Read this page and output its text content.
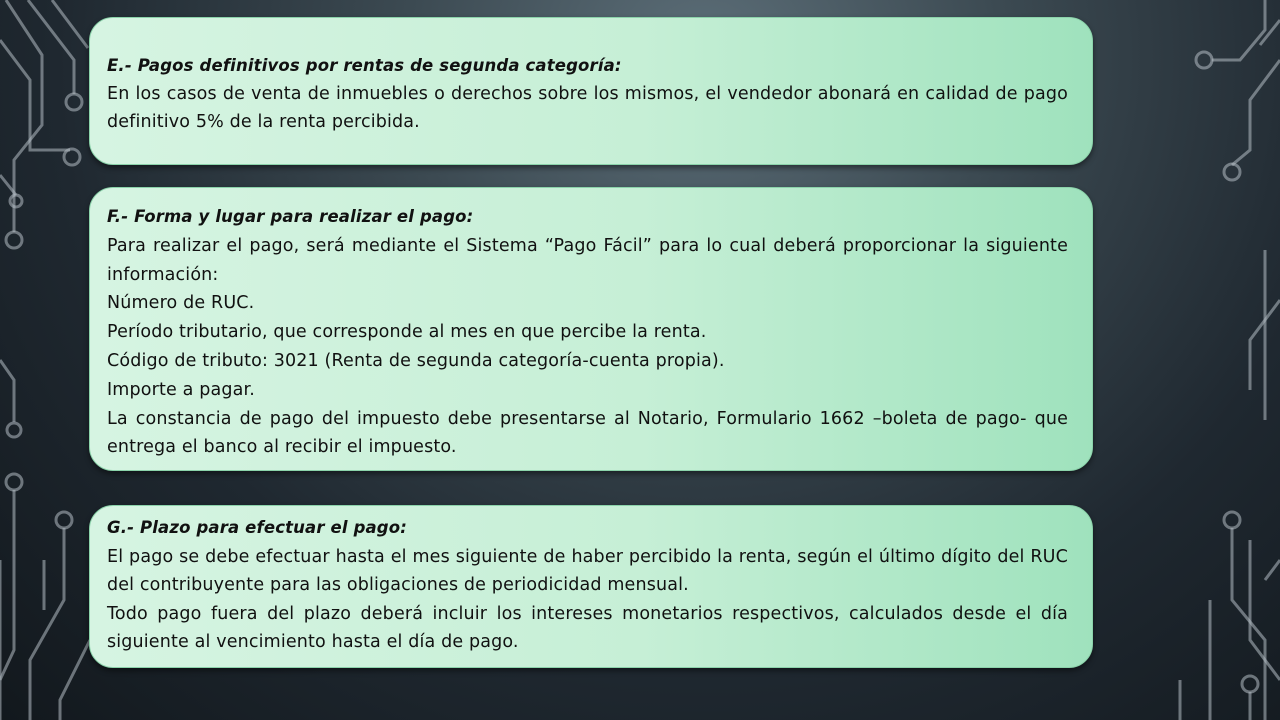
E.- Pagos definitivos por rentas de segunda categoría:

En los casos de venta de inmuebles o derechos sobre los mismos, el vendedor abonará en calidad de pago definitivo 5% de la renta percibida.

F.- Forma y lugar para realizar el pago:

Para realizar el pago, será mediante el Sistema “Pago Fácil” para lo cual deberá proporcionar la siguiente información:

Número de RUC.

Período tributario, que corresponde al mes en que percibe la renta.

Código de tributo: 3021 (Renta de segunda categoría-cuenta propia).

Importe a pagar.

La constancia de pago del impuesto debe presentarse al Notario, Formulario 1662 –boleta de pago- que entrega el banco al recibir el impuesto.

G.- Plazo para efectuar el pago:

El pago se debe efectuar hasta el mes siguiente de haber percibido la renta, según el último dígito del RUC del contribuyente para las obligaciones de periodicidad mensual.

Todo pago fuera del plazo deberá incluir los intereses monetarios respectivos, calculados desde el día siguiente al vencimiento hasta el día de pago.
